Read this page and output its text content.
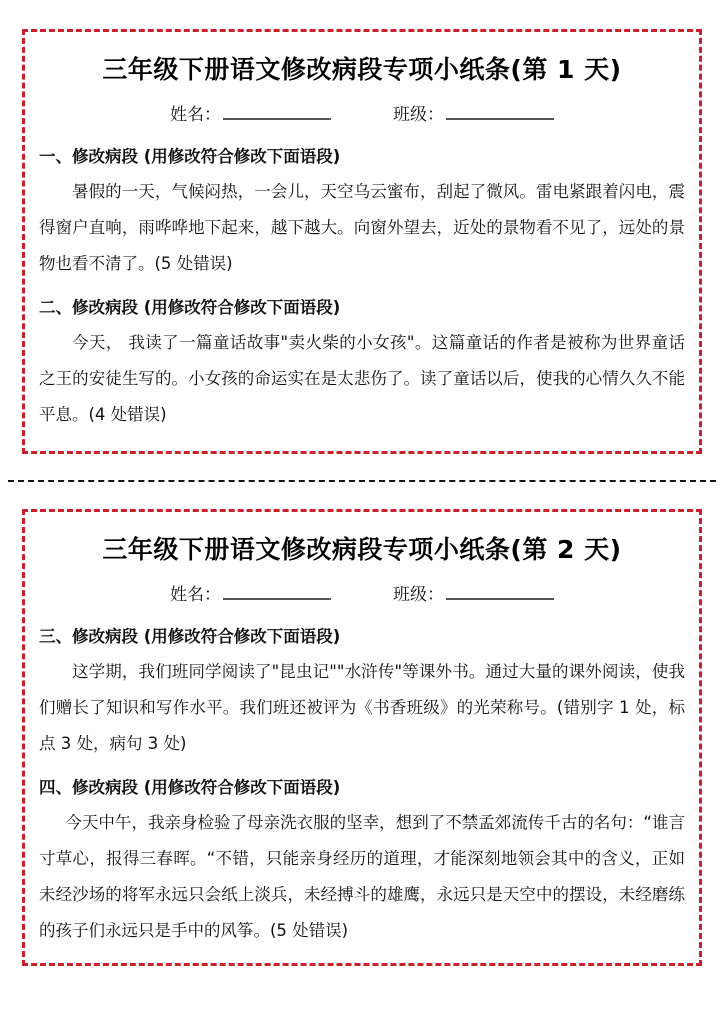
三年级下册语文修改病段专项小纸条(第 1 天)
姓名：	班级：

一、修改病段 (用修改符合修改下面语段)

暑假的一天，气候闷热，一会儿，天空乌云蜜布，刮起了微风。雷电紧跟着闪电，震得窗户直响，雨哗哗地下起来，越下越大。向窗外望去，近处的景物看不见了，远处的景物也看不清了。(5 处错误)

二、修改病段 (用修改符合修改下面语段)

今天， 我读了一篇童话故事"卖火柴的小女孩"。这篇童话的作者是被称为世界童话之王的安徒生写的。小女孩的命运实在是太悲伤了。读了童话以后，使我的心情久久不能平息。(4 处错误)

三年级下册语文修改病段专项小纸条(第 2 天)
姓名：	班级：

三、修改病段 (用修改符合修改下面语段)

这学期，我们班同学阅读了"昆虫记""水浒传"等课外书。通过大量的课外阅读，使我们赠长了知识和写作水平。我们班还被评为《书香班级》的光荣称号。(错别字 1 处，标点 3 处，病句 3 处)

四、修改病段 (用修改符合修改下面语段)

今天中午，我亲身检验了母亲洗衣服的坚幸，想到了不禁孟郊流传千古的名句：“谁言寸草心，报得三春晖。“不错，只能亲身经历的道理，才能深刻地领会其中的含义，正如未经沙场的将军永远只会纸上淡兵，未经搏斗的雄鹰，永远只是天空中的摆设，未经磨练的孩子们永远只是手中的风筝。(5 处错误)
